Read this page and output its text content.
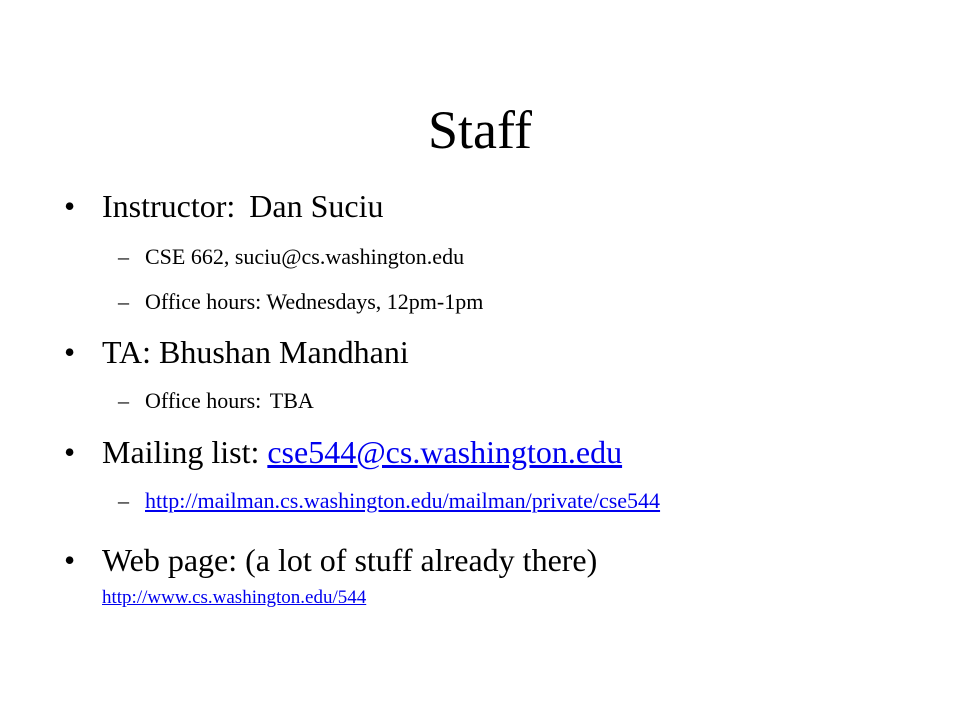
Staff
• Instructor: Dan Suciu
– CSE 662, suciu@cs.washington.edu
– Office hours: Wednesdays, 12pm-1pm
• TA: Bhushan Mandhani
– Office hours: TBA
• Mailing list: cse544@cs.washington.edu
– http://mailman.cs.washington.edu/mailman/private/cse544
• Web page: (a lot of stuff already there)
http://www.cs.washington.edu/544
